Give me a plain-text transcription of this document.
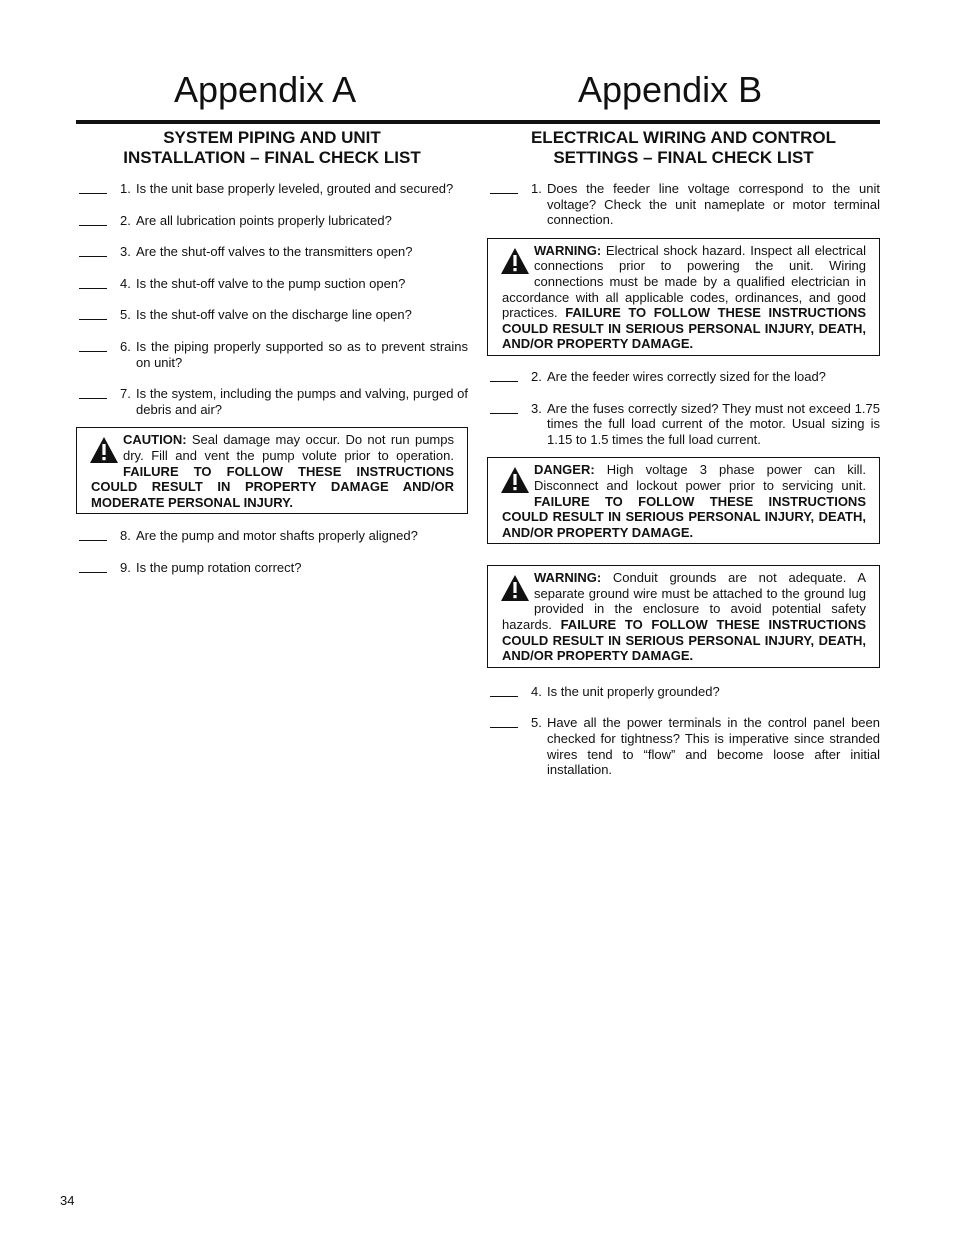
Appendix A	Appendix B
SYSTEM PIPING AND UNIT
INSTALLATION – FINAL CHECK LIST
1. Is the unit base properly leveled, grouted and secured?
2. Are all lubrication points properly lubricated?
3. Are the shut-off valves to the transmitters open?
4. Is the shut-off valve to the pump suction open?
5. Is the shut-off valve on the discharge line open?
6. Is the piping properly supported so as to prevent strains on unit?
7. Is the system, including the pumps and valving, purged of debris and air?
CAUTION: Seal damage may occur. Do not run pumps dry. Fill and vent the pump volute prior to operation. FAILURE TO FOLLOW THESE INSTRUCTIONS COULD RESULT IN PROPERTY DAMAGE AND/OR MODERATE PERSONAL INJURY.
8. Are the pump and motor shafts properly aligned?
9. Is the pump rotation correct?
ELECTRICAL WIRING AND CONTROL
SETTINGS – FINAL CHECK LIST
1. Does the feeder line voltage correspond to the unit voltage? Check the unit nameplate or motor terminal connection.
WARNING: Electrical shock hazard. Inspect all electrical connections prior to powering the unit. Wiring connections must be made by a qualified electrician in accordance with all applicable codes, ordinances, and good practices. FAILURE TO FOLLOW THESE INSTRUCTIONS COULD RESULT IN SERIOUS PERSONAL INJURY, DEATH, AND/OR PROPERTY DAMAGE.
2. Are the feeder wires correctly sized for the load?
3. Are the fuses correctly sized? They must not exceed 1.75 times the full load current of the motor. Usual sizing is 1.15 to 1.5 times the full load current.
DANGER: High voltage 3 phase power can kill. Disconnect and lockout power prior to servicing unit. FAILURE TO FOLLOW THESE INSTRUCTIONS COULD RESULT IN SERIOUS PERSONAL INJURY, DEATH, AND/OR PROPERTY DAMAGE.
WARNING: Conduit grounds are not adequate. A separate ground wire must be attached to the ground lug provided in the enclosure to avoid potential safety hazards. FAILURE TO FOLLOW THESE INSTRUCTIONS COULD RESULT IN SERIOUS PERSONAL INJURY, DEATH, AND/OR PROPERTY DAMAGE.
4. Is the unit properly grounded?
5. Have all the power terminals in the control panel been checked for tightness? This is imperative since stranded wires tend to “flow” and become loose after initial installation.
34
